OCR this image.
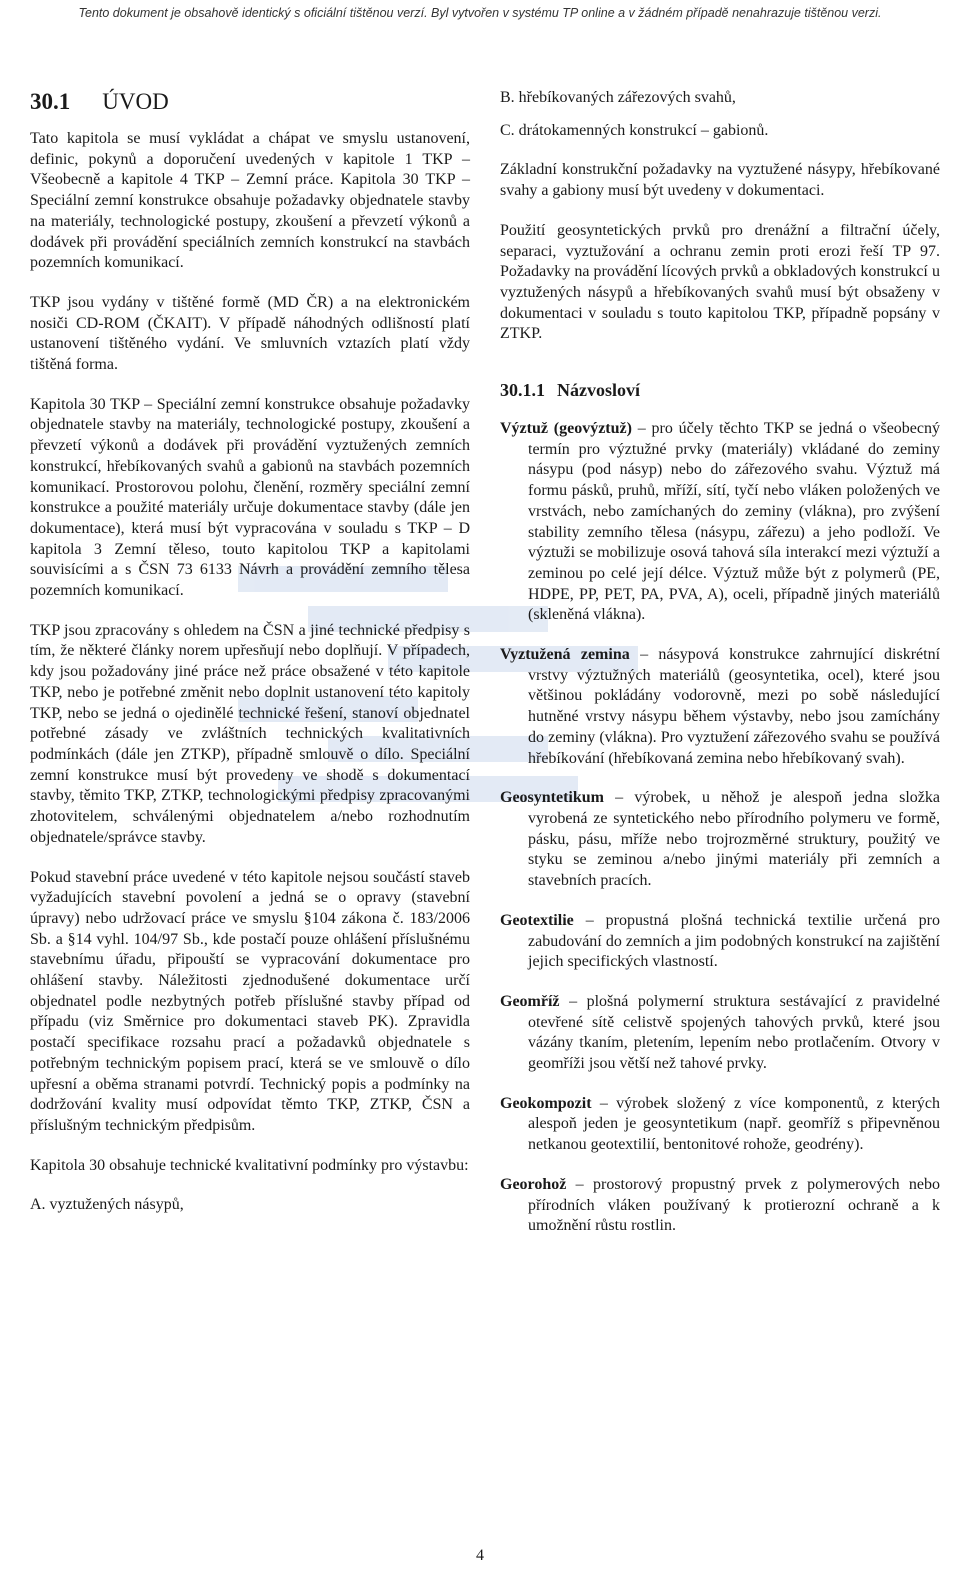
Tento dokument je obsahově identický s oficiální tištěnou verzí. Byl vytvořen v systému TP online a v žádném případě nenahrazuje tištěnou verzi.
30.1 ÚVOD

Tato kapitola se musí vykládat a chápat ve smyslu ustanovení, definic, pokynů a doporučení uvedených v kapitole 1 TKP – Všeobecně a kapitole 4 TKP – Zemní práce. Kapitola 30 TKP – Speciální zemní konstrukce obsahuje požadavky objednatele stavby na materiály, technologické postupy, zkoušení a převzetí výkonů a dodávek při provádění speciálních zemních konstrukcí na stavbách pozemních komunikací.

TKP jsou vydány v tištěné formě (MD ČR) a na elektronickém nosiči CD-ROM (ČKAIT). V případě náhodných odlišností platí ustanovení tištěného vydání. Ve smluvních vztazích platí vždy tištěná forma.

Kapitola 30 TKP – Speciální zemní konstrukce obsahuje požadavky objednatele stavby na materiály, technologické postupy, zkoušení a převzetí výkonů a dodávek při provádění vyztužených zemních konstrukcí, hřebíkovaných svahů a gabionů na stavbách pozemních komunikací. Prostorovou polohu, členění, rozměry speciální zemní konstrukce a použité materiály určuje dokumentace stavby (dále jen dokumentace), která musí být vypracována v souladu s TKP – D kapitola 3 Zemní těleso, touto kapitolou TKP a kapitolami souvisícími a s ČSN 73 6133 Návrh a provádění zemního tělesa pozemních komunikací.

TKP jsou zpracovány s ohledem na ČSN a jiné technické předpisy s tím, že některé články norem upřesňují nebo doplňují. V případech, kdy jsou požadovány jiné práce než práce obsažené v této kapitole TKP, nebo je potřebné změnit nebo doplnit ustanovení této kapitoly TKP, nebo se jedná o ojedinělé technické řešení, stanoví objednatel potřebné zásady ve zvláštních technických kvalitativních podmínkách (dále jen ZTKP), případně smlouvě o dílo. Speciální zemní konstrukce musí být provedeny ve shodě s dokumentací stavby, těmito TKP, ZTKP, technologickými předpisy zpracovanými zhotovitelem, schválenými objednatelem a/nebo rozhodnutím objednatele/správce stavby.

Pokud stavební práce uvedené v této kapitole nejsou součástí staveb vyžadujících stavební povolení a jedná se o opravy (stavební úpravy) nebo udržovací práce ve smyslu §104 zákona č. 183/2006 Sb. a §14 vyhl. 104/97 Sb., kde postačí pouze ohlášení příslušnému stavebnímu úřadu, připouští se vypracování dokumentace pro ohlášení stavby. Náležitosti zjednodušené dokumentace určí objednatel podle nezbytných potřeb příslušné stavby případ od případu (viz Směrnice pro dokumentaci staveb PK). Zpravidla postačí specifikace rozsahu prací a požadavků objednatele s potřebným technickým popisem prací, která se ve smlouvě o dílo upřesní a oběma stranami potvrdí. Technický popis a podmínky na dodržování kvality musí odpovídat těmto TKP, ZTKP, ČSN a příslušným technickým předpisům.

Kapitola 30 obsahuje technické kvalitativní podmínky pro výstavbu:

A. vyztužených násypů,

B. hřebíkovaných zářezových svahů,

C. drátokamenných konstrukcí – gabionů.

Základní konstrukční požadavky na vyztužené násypy, hřebíkované svahy a gabiony musí být uvedeny v dokumentaci.

Použití geosyntetických prvků pro drenážní a filtrační účely, separaci, vyztužování a ochranu zemin proti erozi řeší TP 97. Požadavky na provádění lícových prvků a obkladových konstrukcí u vyztužených násypů a hřebíkovaných svahů musí být obsaženy v dokumentaci v souladu s touto kapitolou TKP, případně popsány v ZTKP.

30.1.1 Názvosloví
Výztuž (geovýztuž) – pro účely těchto TKP se jedná o všeobecný termín pro výztužné prvky (materiály) vkládané do zeminy násypu (pod násyp) nebo do zářezového svahu. Výztuž má formu pásků, pruhů, mříží, sítí, tyčí nebo vláken položených ve vrstvách, nebo zamíchaných do zeminy (vlákna), pro zvýšení stability zemního tělesa (násypu, zářezu) a jeho podloží. Ve výztuži se mobilizuje osová tahová síla interakcí mezi výztuží a zeminou po celé její délce. Výztuž může být z polymerů (PE, HDPE, PP, PET, PA, PVA, A), oceli, případně jiných materiálů (skleněná vlákna).
Vyztužená zemina – násypová konstrukce zahrnující diskrétní vrstvy výztužných materiálů (geosyntetika, ocel), které jsou většinou pokládány vodorovně, mezi po sobě následující hutněné vrstvy násypu během výstavby, nebo jsou zamíchány do zeminy (vlákna). Pro vyztužení zářezového svahu se používá hřebíkování (hřebíkovaná zemina nebo hřebíkovaný svah).
Geosyntetikum – výrobek, u něhož je alespoň jedna složka vyrobená ze syntetického nebo přírodního polymeru ve formě, pásku, pásu, mříže nebo trojrozměrné struktury, použitý ve styku se zeminou a/nebo jinými materiály při zemních a stavebních pracích.
Geotextilie – propustná plošná technická textilie určená pro zabudování do zemních a jim podobných konstrukcí na zajištění jejich specifických vlastností.
Geomříž – plošná polymerní struktura sestávající z pravidelné otevřené sítě celistvě spojených tahových prvků, které jsou vázány tkaním, pletením, lepením nebo protlačením. Otvory v geomříži jsou větší než tahové prvky.
Geokompozit – výrobek složený z více komponentů, z kterých alespoň jeden je geosyntetikum (např. geomříž s připevněnou netkanou geotextilií, bentonitové rohože, geodrény).
Georohož – prostorový propustný prvek z polymerových nebo přírodních vláken používaný k protierozní ochraně a k umožnění růstu rostlin.
4
